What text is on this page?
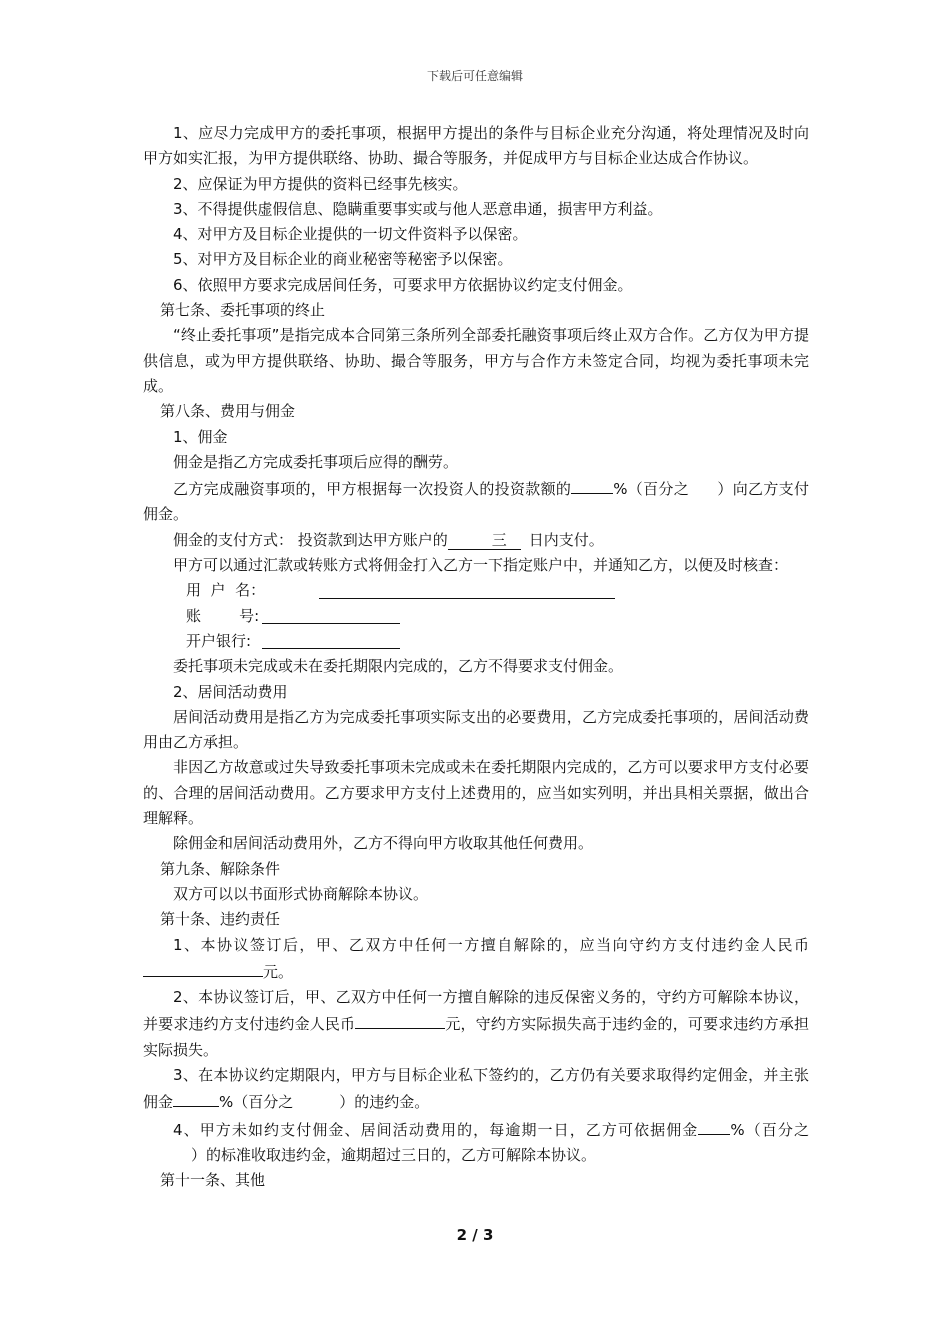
下载后可任意编辑

1、应尽力完成甲方的委托事项，根据甲方提出的条件与目标企业充分沟通，将处理情况及时向甲方如实汇报，为甲方提供联络、协助、撮合等服务，并促成甲方与目标企业达成合作协议。

2、应保证为甲方提供的资料已经事先核实。

3、不得提供虚假信息、隐瞒重要事实或与他人恶意串通，损害甲方利益。

4、对甲方及目标企业提供的一切文件资料予以保密。

5、对甲方及目标企业的商业秘密等秘密予以保密。

6、依照甲方要求完成居间任务，可要求甲方依据协议约定支付佣金。

第七条、委托事项的终止

“终止委托事项”是指完成本合同第三条所列全部委托融资事项后终止双方合作。乙方仅为甲方提供信息，或为甲方提供联络、协助、撮合等服务，甲方与合作方未签定合同，均视为委托事项未完成。

第八条、费用与佣金

1、佣金

佣金是指乙方完成委托事项后应得的酬劳。

乙方完成融资事项的，甲方根据每一次投资人的投资款额的	%（百分之 ）向乙方支付佣金。

佣金的支付方式： 投资款到达甲方账户的	三 日内支付。

甲方可以通过汇款或转账方式将佣金打入乙方一下指定账户中，并通知乙方，以便及时核查：

用  户  名：
账        号:
开户银行:

委托事项未完成或未在委托期限内完成的，乙方不得要求支付佣金。

2、居间活动费用

居间活动费用是指乙方为完成委托事项实际支出的必要费用，乙方完成委托事项的，居间活动费用由乙方承担。

非因乙方故意或过失导致委托事项未完成或未在委托期限内完成的，乙方可以要求甲方支付必要的、合理的居间活动费用。乙方要求甲方支付上述费用的，应当如实列明，并出具相关票据，做出合理解释。

除佣金和居间活动费用外，乙方不得向甲方收取其他任何费用。

第九条、解除条件

双方可以以书面形式协商解除本协议。

第十条、违约责任

1、本协议签订后，甲、乙双方中任何一方擅自解除的，应当向守约方支付违约金人民币元。

2、本协议签订后，甲、乙双方中任何一方擅自解除的违反保密义务的，守约方可解除本协议，并要求违约方支付违约金人民币	元，守约方实际损失高于违约金的，可要求违约方承担实际损失。

3、在本协议约定期限内，甲方与目标企业私下签约的，乙方仍有关要求取得约定佣金，并主张佣金	%（百分之	）的违约金。

4、甲方未如约支付佣金、居间活动费用的，每逾期一日，乙方可依据佣金 %（百分之）的标准收取违约金，逾期超过三日的，乙方可解除本协议。

第十一条、其他

2 / 3
